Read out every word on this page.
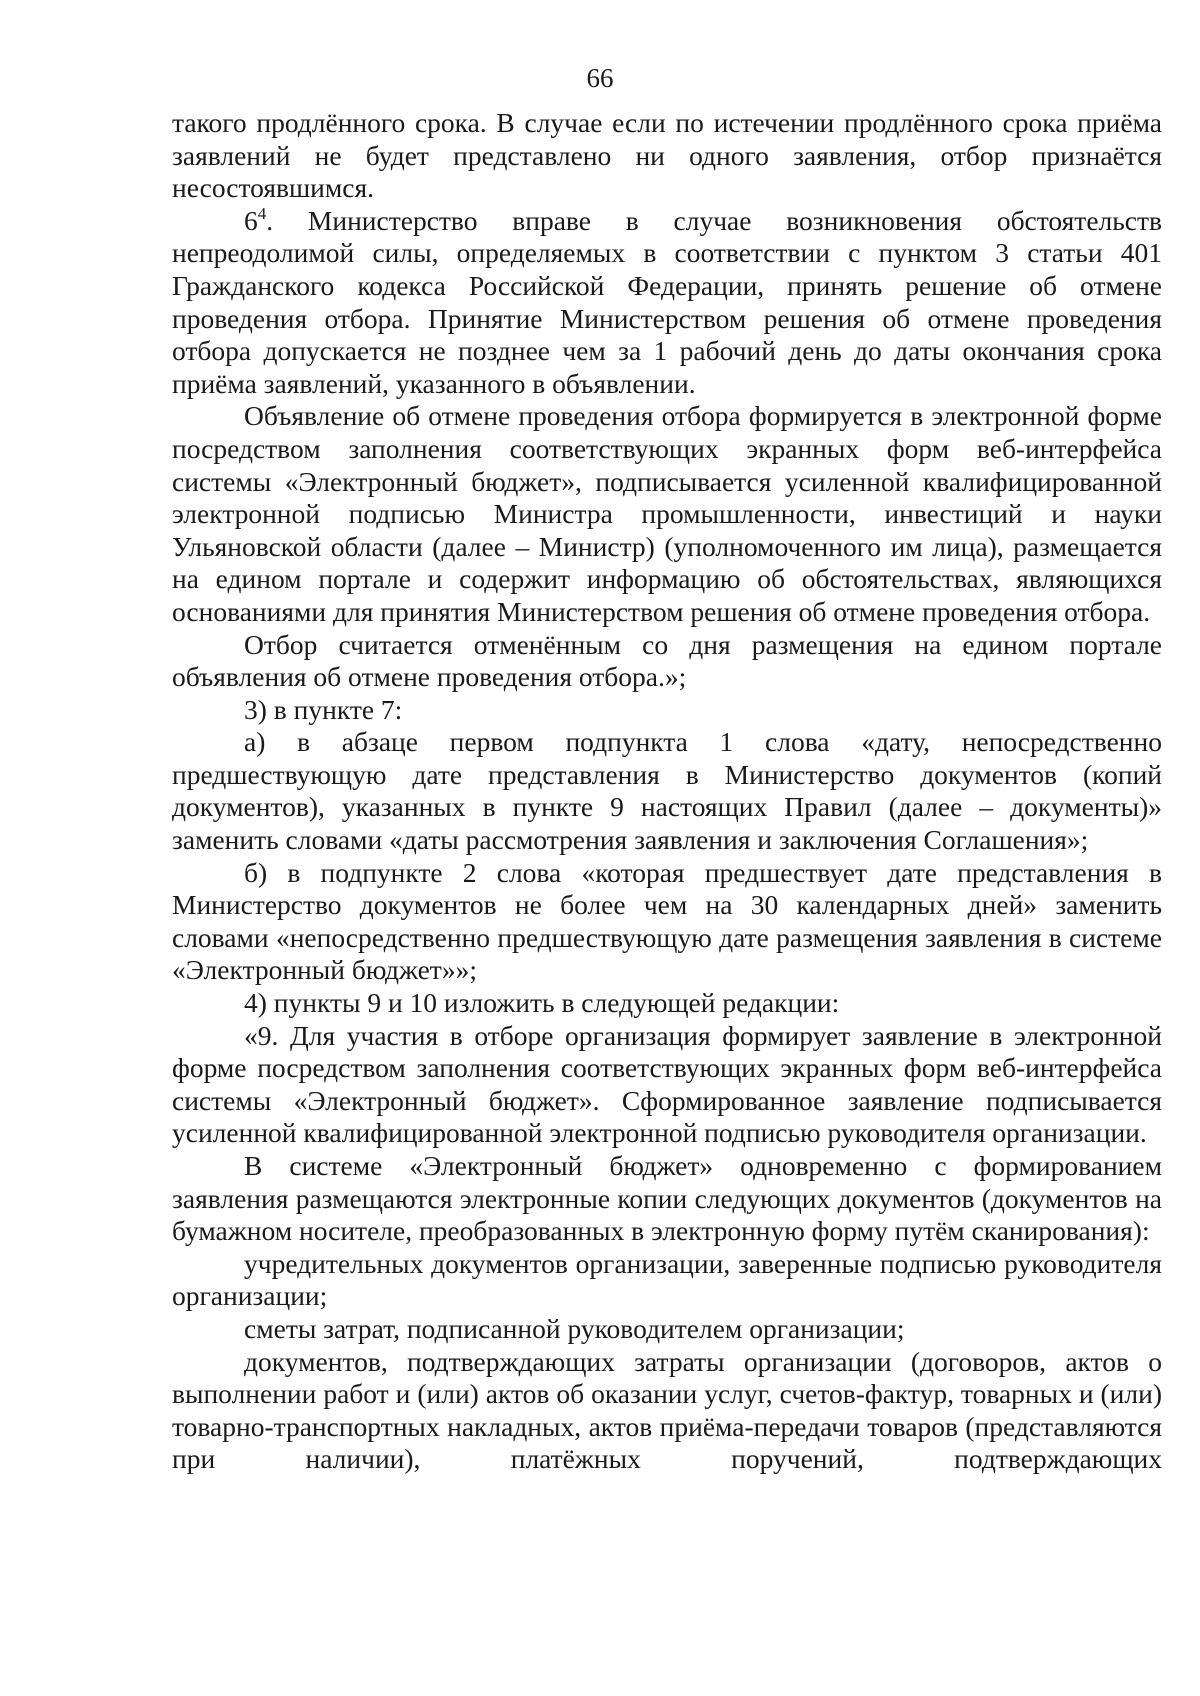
66

такого продлённого срока. В случае если по истечении продлённого срока приёма заявлений не будет представлено ни одного заявления, отбор признаётся несостоявшимся.

$6^4$. Министерство вправе в случае возникновения обстоятельств непреодолимой силы, определяемых в соответствии с пунктом 3 статьи 401 Гражданского кодекса Российской Федерации, принять решение об отмене проведения отбора. Принятие Министерством решения об отмене проведения отбора допускается не позднее чем за 1 рабочий день до даты окончания срока приёма заявлений, указанного в объявлении.

Объявление об отмене проведения отбора формируется в электронной форме посредством заполнения соответствующих экранных форм веб-интерфейса системы «Электронный бюджет», подписывается усиленной квалифицированной электронной подписью Министра промышленности, инвестиций и науки Ульяновской области (далее – Министр) (уполномоченного им лица), размещается на едином портале и содержит информацию об обстоятельствах, являющихся основаниями для принятия Министерством решения об отмене проведения отбора.

Отбор считается отменённым со дня размещения на едином портале объявления об отмене проведения отбора.»;

3) в пункте 7:

а) в абзаце первом подпункта 1 слова «дату, непосредственно предшествующую дате представления в Министерство документов (копий документов), указанных в пункте 9 настоящих Правил (далее – документы)» заменить словами «даты рассмотрения заявления и заключения Соглашения»;

б) в подпункте 2 слова «которая предшествует дате представления в Министерство документов не более чем на 30 календарных дней» заменить словами «непосредственно предшествующую дате размещения заявления в системе «Электронный бюджет»»;

4) пункты 9 и 10 изложить в следующей редакции:

«9. Для участия в отборе организация формирует заявление в электронной форме посредством заполнения соответствующих экранных форм веб-интерфейса системы «Электронный бюджет». Сформированное заявление подписывается усиленной квалифицированной электронной подписью руководителя организации.

В системе «Электронный бюджет» одновременно с формированием заявления размещаются электронные копии следующих документов (документов на бумажном носителе, преобразованных в электронную форму путём сканирования):

учредительных документов организации, заверенные подписью руководителя организации;

сметы затрат, подписанной руководителем организации;

документов, подтверждающих затраты организации (договоров, актов о выполнении работ и (или) актов об оказании услуг, счетов-фактур, товарных и (или) товарно-транспортных накладных, актов приёма-передачи товаров (представляются при наличии), платёжных поручений, подтверждающих
